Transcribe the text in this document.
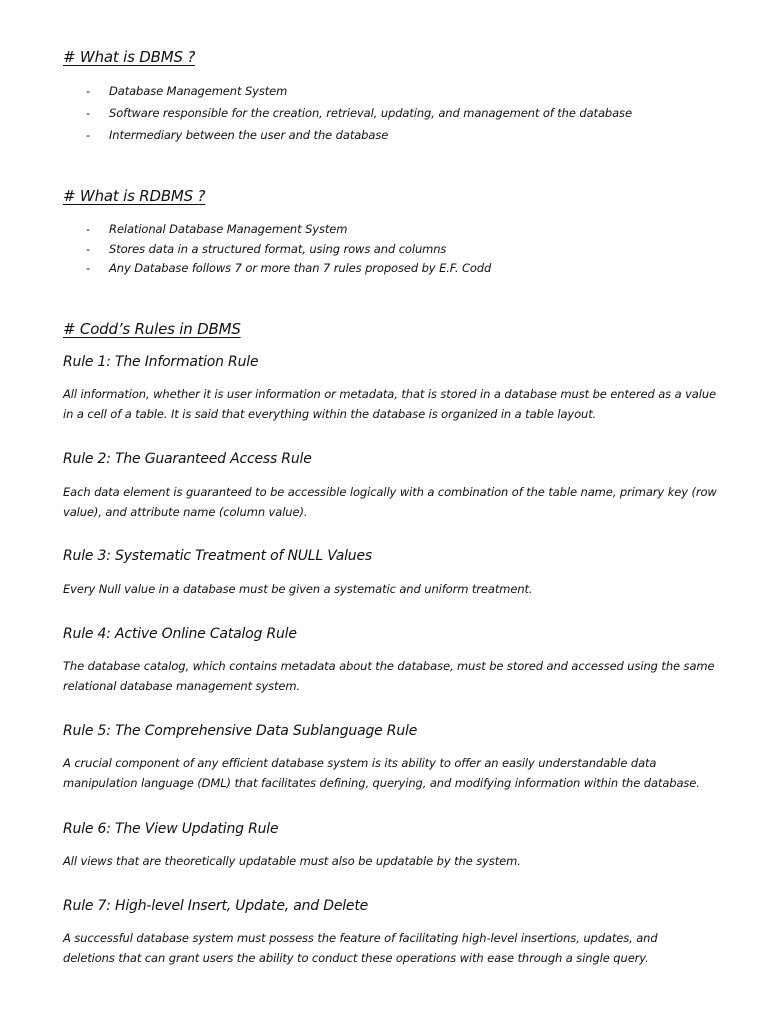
# What is DBMS ?
- Database Management System
- Software responsible for the creation, retrieval, updating, and management of the database
- Intermediary between the user and the database
# What is RDBMS ?
- Relational Database Management System
- Stores data in a structured format, using rows and columns
- Any Database follows 7 or more than 7 rules proposed by E.F. Codd
# Codd’s Rules in DBMS
Rule 1: The Information Rule

All information, whether it is user information or metadata, that is stored in a database must be entered as a value in a cell of a table. It is said that everything within the database is organized in a table layout.

Rule 2: The Guaranteed Access Rule

Each data element is guaranteed to be accessible logically with a combination of the table name, primary key (row value), and attribute name (column value).

Rule 3: Systematic Treatment of NULL Values

Every Null value in a database must be given a systematic and uniform treatment.

Rule 4: Active Online Catalog Rule

The database catalog, which contains metadata about the database, must be stored and accessed using the same relational database management system.

Rule 5: The Comprehensive Data Sublanguage Rule

A crucial component of any efficient database system is its ability to offer an easily understandable data manipulation language (DML) that facilitates defining, querying, and modifying information within the database.

Rule 6: The View Updating Rule

All views that are theoretically updatable must also be updatable by the system.

Rule 7: High-level Insert, Update, and Delete

A successful database system must possess the feature of facilitating high-level insertions, updates, and deletions that can grant users the ability to conduct these operations with ease through a single query.
